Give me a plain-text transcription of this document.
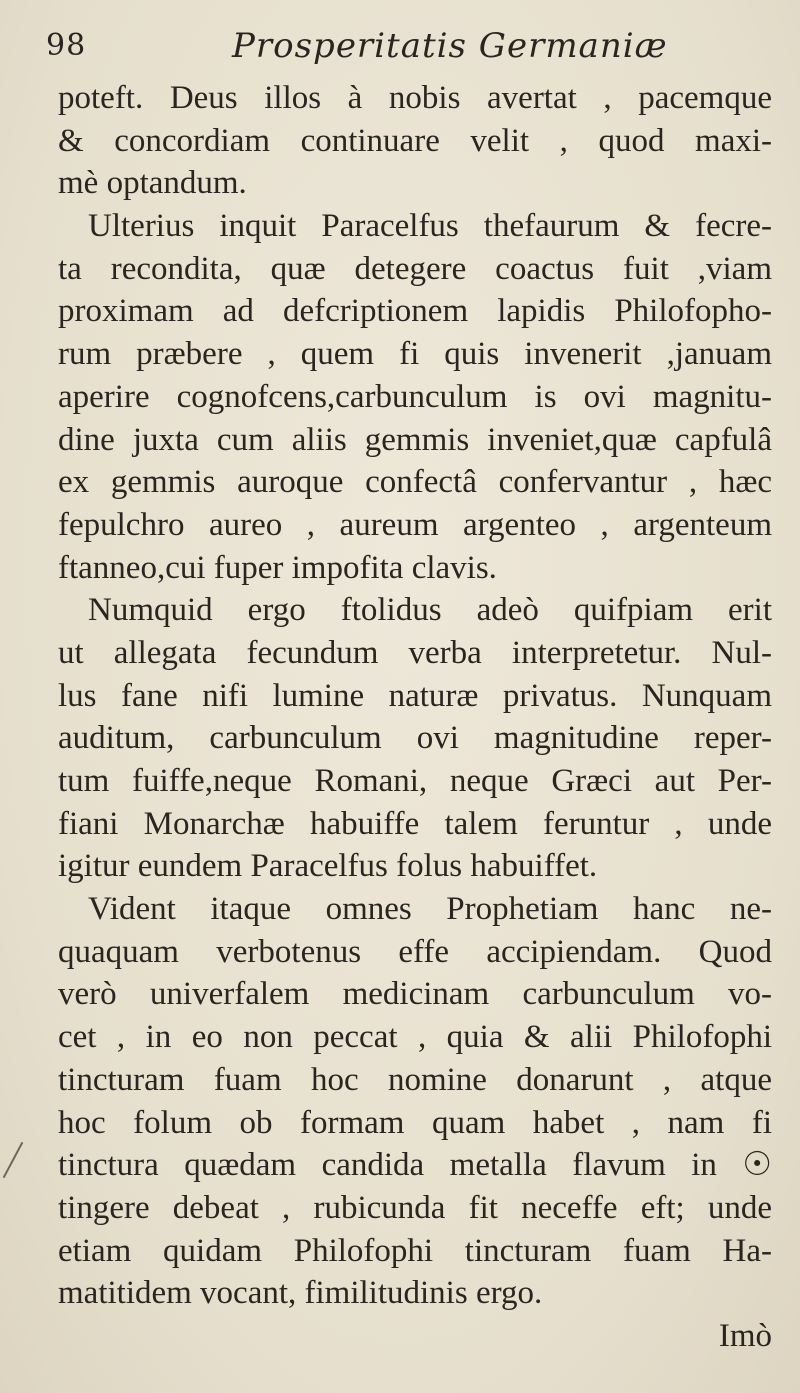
98	Prosperitatis Germaniæ
poteft. Deus illos à nobis avertat , pacemque
& concordiam continuare velit , quod maxi-
mè optandum.
Ulterius inquit Paracelfus thefaurum & fecre-
ta recondita, quæ detegere coactus fuit ,viam
proximam ad defcriptionem lapidis Philofopho-
rum præbere , quem fi quis invenerit ,januam
aperire cognofcens,carbunculum is ovi magnitu-
dine juxta cum aliis gemmis inveniet,quæ capfulâ
ex gemmis auroque confectâ confervantur , hæc
fepulchro aureo , aureum argenteo , argenteum
ftanneo,cui fuper impofita clavis.
Numquid ergo ftolidus adeò quifpiam erit
ut allegata fecundum verba interpretetur. Nul-
lus fane nifi lumine naturæ privatus. Nunquam
auditum, carbunculum ovi magnitudine reper-
tum fuiffe,neque Romani, neque Græci aut Per-
fiani Monarchæ habuiffe talem feruntur , unde
igitur eundem Paracelfus folus habuiffet.
Vident itaque omnes Prophetiam hanc ne-
quaquam verbotenus effe accipiendam. Quod
verò univerfalem medicinam carbunculum vo-
cet , in eo non peccat , quia & alii Philofophi
tincturam fuam hoc nomine donarunt , atque
hoc folum ob formam quam habet , nam fi
tinctura quædam candida metalla flavum in ☉
tingere debeat , rubicunda fit neceffe eft; unde
etiam quidam Philofophi tincturam fuam Ha-
matitidem vocant, fimilitudinis ergo.
Imò
